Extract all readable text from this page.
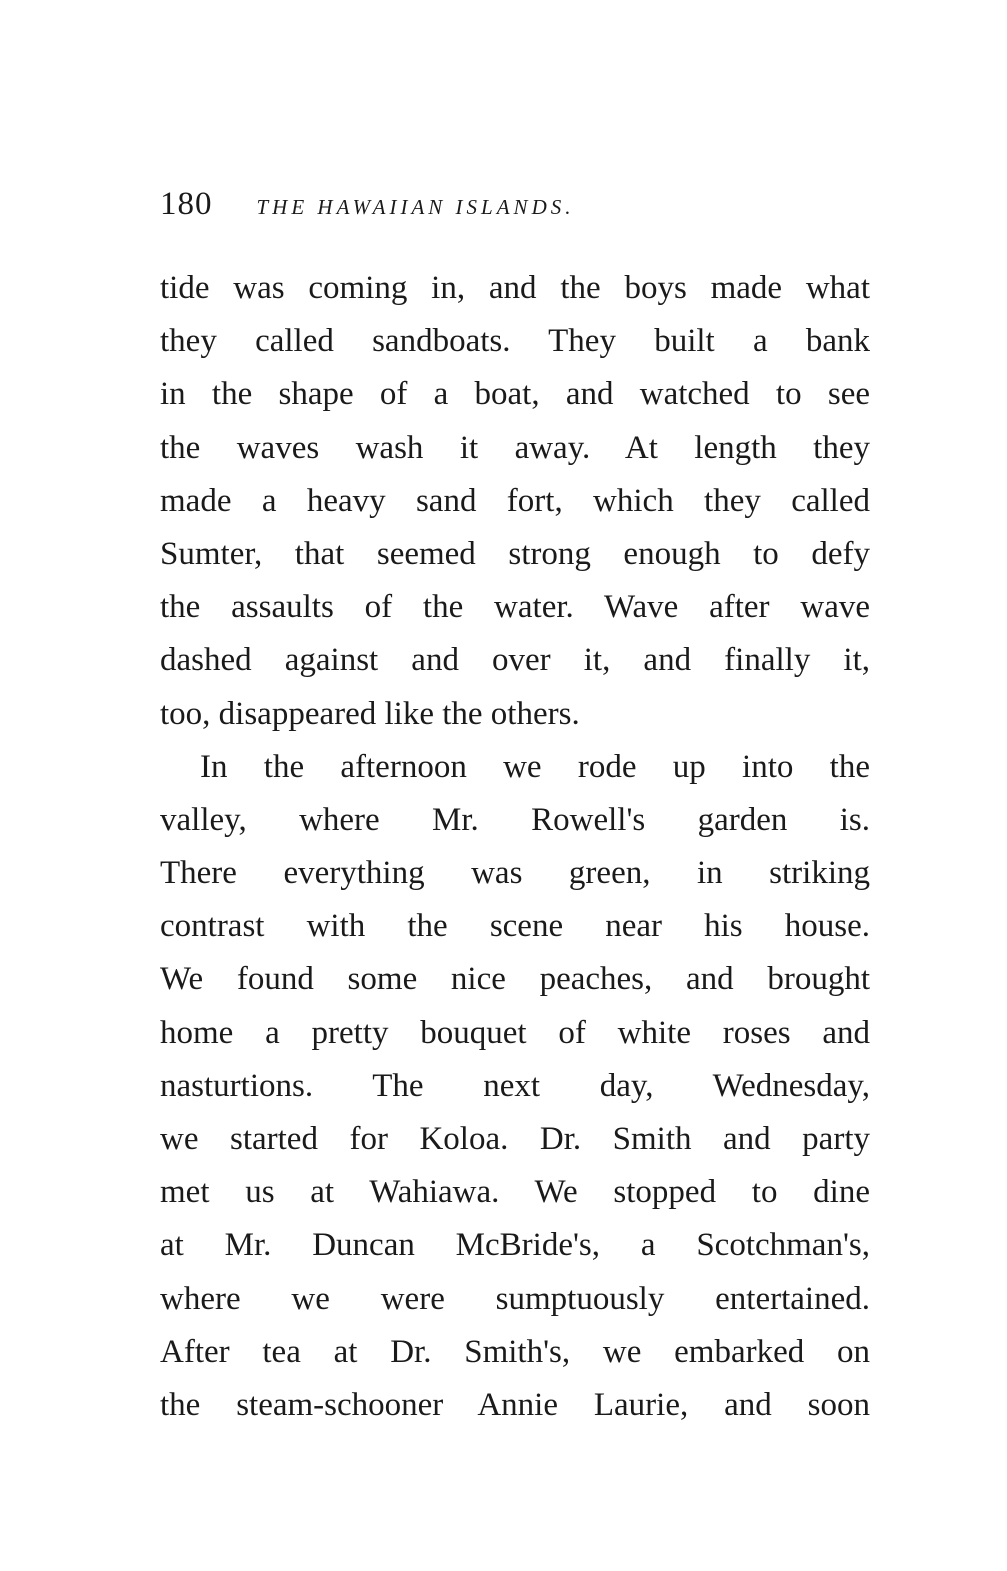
180 THE HAWAIIAN ISLANDS.
tide was coming in, and the boys made what
they called sandboats. They built a bank
in the shape of a boat, and watched to see
the waves wash it away. At length they
made a heavy sand fort, which they called
Sumter, that seemed strong enough to defy
the assaults of the water. Wave after wave
dashed against and over it, and finally it,
too, disappeared like the others.
In the afternoon we rode up into the
valley, where Mr. Rowell's garden is.
There everything was green, in striking
contrast with the scene near his house.
We found some nice peaches, and brought
home a pretty bouquet of white roses and
nasturtions. The next day, Wednesday,
we started for Koloa. Dr. Smith and party
met us at Wahiawa. We stopped to dine
at Mr. Duncan McBride's, a Scotchman's,
where we were sumptuously entertained.
After tea at Dr. Smith's, we embarked on
the steam-schooner Annie Laurie, and soon
